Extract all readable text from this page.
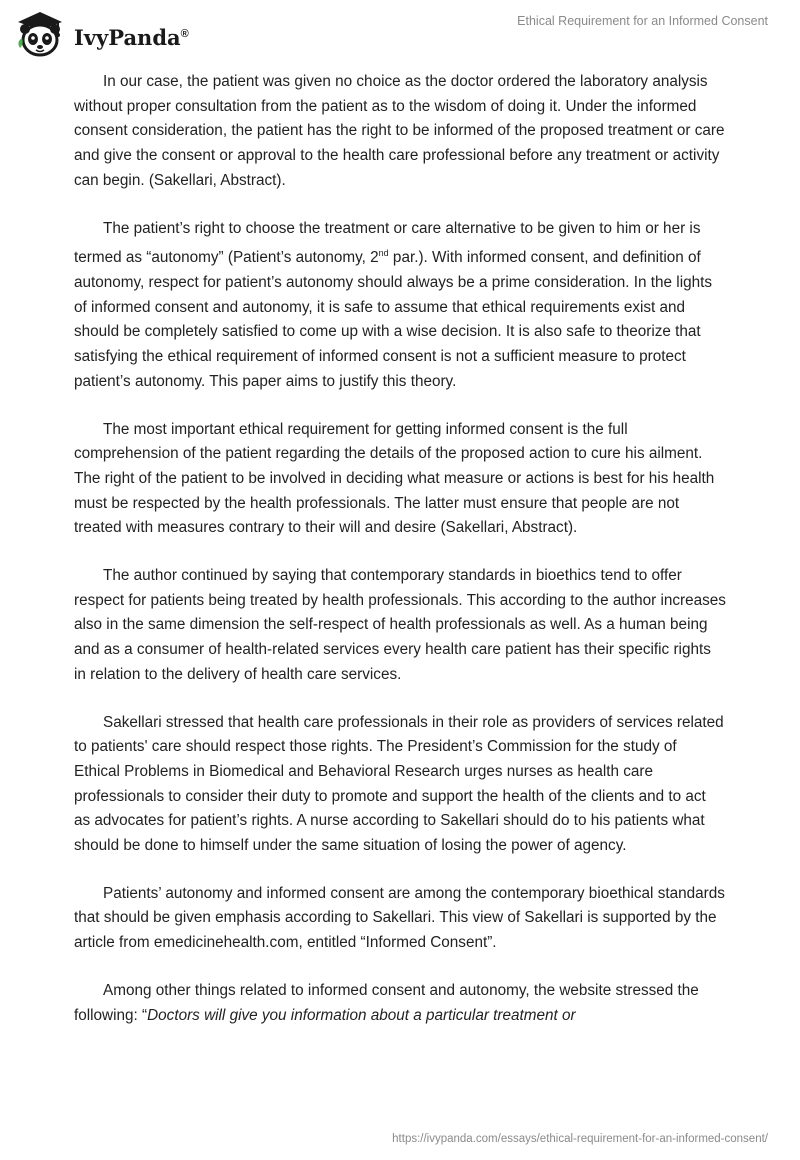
IvyPanda®
Ethical Requirement for an Informed Consent

In our case, the patient was given no choice as the doctor ordered the laboratory analysis without proper consultation from the patient as to the wisdom of doing it. Under the informed consent consideration, the patient has the right to be informed of the proposed treatment or care and give the consent or approval to the health care professional before any treatment or activity can begin. (Sakellari, Abstract).

The patient’s right to choose the treatment or care alternative to be given to him or her is termed as “autonomy” (Patient’s autonomy, 2nd par.). With informed consent, and definition of autonomy, respect for patient’s autonomy should always be a prime consideration. In the lights of informed consent and autonomy, it is safe to assume that ethical requirements exist and should be completely satisfied to come up with a wise decision. It is also safe to theorize that satisfying the ethical requirement of informed consent is not a sufficient measure to protect patient’s autonomy. This paper aims to justify this theory.

The most important ethical requirement for getting informed consent is the full comprehension of the patient regarding the details of the proposed action to cure his ailment. The right of the patient to be involved in deciding what measure or actions is best for his health must be respected by the health professionals. The latter must ensure that people are not treated with measures contrary to their will and desire (Sakellari, Abstract).

The author continued by saying that contemporary standards in bioethics tend to offer respect for patients being treated by health professionals. This according to the author increases also in the same dimension the self-respect of health professionals as well. As a human being and as a consumer of health-related services every health care patient has their specific rights in relation to the delivery of health care services.

Sakellari stressed that health care professionals in their role as providers of services related to patients' care should respect those rights. The President’s Commission for the study of Ethical Problems in Biomedical and Behavioral Research urges nurses as health care professionals to consider their duty to promote and support the health of the clients and to act as advocates for patient’s rights. A nurse according to Sakellari should do to his patients what should be done to himself under the same situation of losing the power of agency.

Patients’ autonomy and informed consent are among the contemporary bioethical standards that should be given emphasis according to Sakellari. This view of Sakellari is supported by the article from emedicinehealth.com, entitled “Informed Consent”.

Among other things related to informed consent and autonomy, the website stressed the following: “Doctors will give you information about a particular treatment or

https://ivypanda.com/essays/ethical-requirement-for-an-informed-consent/
